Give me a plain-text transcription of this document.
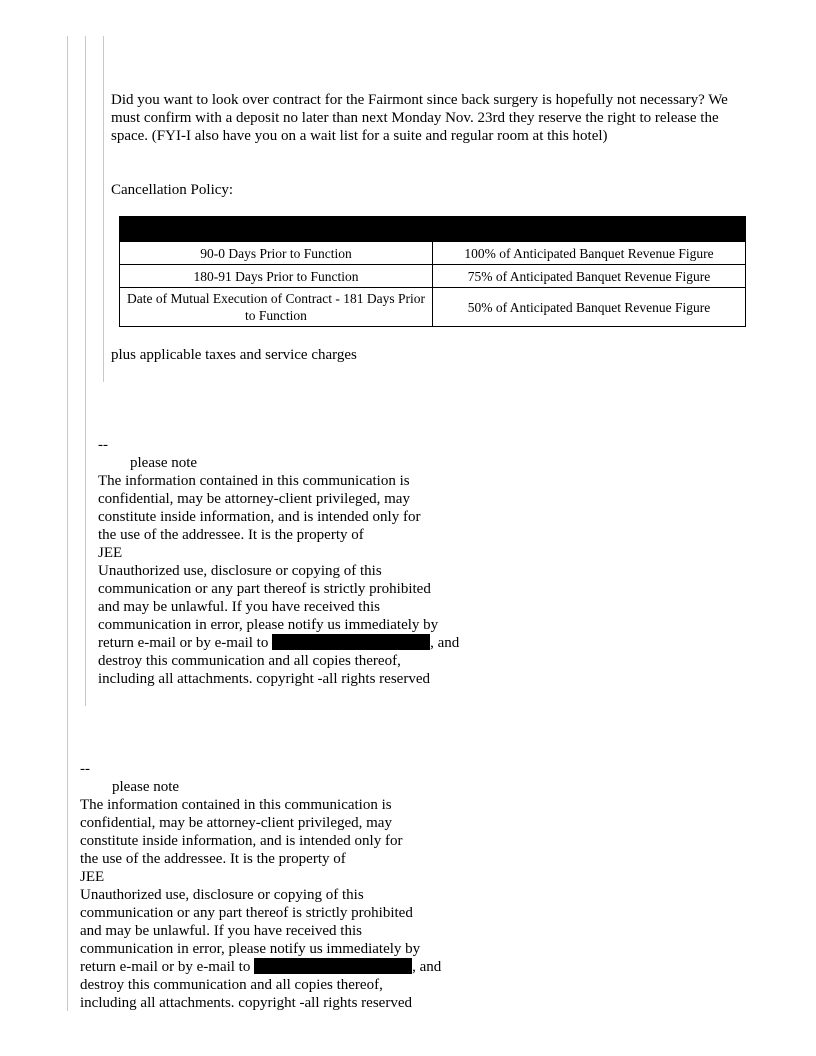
Did you want to look over contract for the Fairmont since back surgery is hopefully not necessary? We must confirm with a deposit no later than next Monday Nov. 23rd they reserve the right to release the space. (FYI-I also have you on a wait list for a suite and regular room at this hotel)

Cancellation Policy:

90-0 Days Prior to Function	100% of Anticipated Banquet Revenue Figure
180-91 Days Prior to Function	75% of Anticipated Banquet Revenue Figure
Date of Mutual Execution of Contract - 181 Days Prior to Function	50% of Anticipated Banquet Revenue Figure

plus applicable taxes and service charges

--
please note
The information contained in this communication is
confidential, may be attorney-client privileged, may
constitute inside information, and is intended only for
the use of the addressee. It is the property of
JEE
Unauthorized use, disclosure or copying of this
communication or any part thereof is strictly prohibited
and may be unlawful. If you have received this
communication in error, please notify us immediately by
return e-mail or by e-mail to	, and
destroy this communication and all copies thereof,
including all attachments. copyright -all rights reserved
--
please note
The information contained in this communication is
confidential, may be attorney-client privileged, may
constitute inside information, and is intended only for
the use of the addressee. It is the property of
JEE
Unauthorized use, disclosure or copying of this
communication or any part thereof is strictly prohibited
and may be unlawful. If you have received this
communication in error, please notify us immediately by
return e-mail or by e-mail to	, and
destroy this communication and all copies thereof,
including all attachments. copyright -all rights reserved
